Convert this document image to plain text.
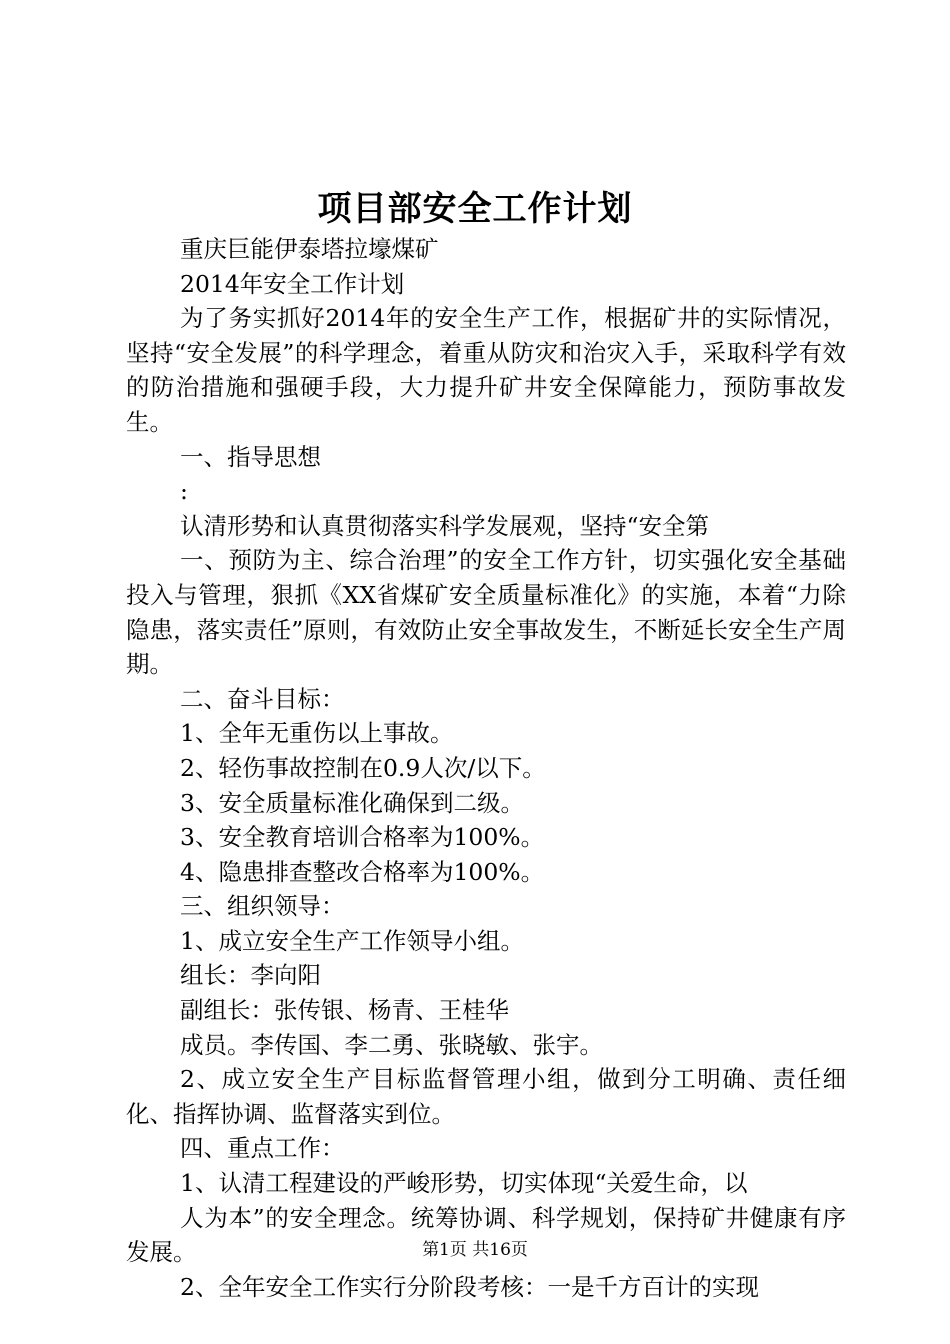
项目部安全工作计划

重庆巨能伊泰塔拉壕煤矿

2014年安全工作计划

为了务实抓好2014年的安全生产工作，根据矿井的实际情况，坚持“安全发展”的科学理念，着重从防灾和治灾入手，采取科学有效的防治措施和强硬手段，大力提升矿井安全保障能力，预防事故发生。

一、指导思想

:

认清形势和认真贯彻落实科学发展观，坚持“安全第

一、预防为主、综合治理”的安全工作方针，切实强化安全基础投入与管理，狠抓《XX省煤矿安全质量标准化》的实施，本着“力除隐患，落实责任”原则，有效防止安全事故发生，不断延长安全生产周期。

二、奋斗目标：

1、全年无重伤以上事故。

2、轻伤事故控制在0.9人次/以下。

3、安全质量标准化确保到二级。

3、安全教育培训合格率为100%。

4、隐患排查整改合格率为100%。

三、组织领导：

1、成立安全生产工作领导小组。

组长：李向阳

副组长：张传银、杨青、王桂华

成员。李传国、李二勇、张晓敏、张宇。

2、成立安全生产目标监督管理小组，做到分工明确、责任细化、指挥协调、监督落实到位。

四、重点工作：

1、认清工程建设的严峻形势，切实体现“关爱生命，以

人为本”的安全理念。统筹协调、科学规划，保持矿井健康有序发展。

2、全年安全工作实行分阶段考核：一是千方百计的实现

第1页 共16页
